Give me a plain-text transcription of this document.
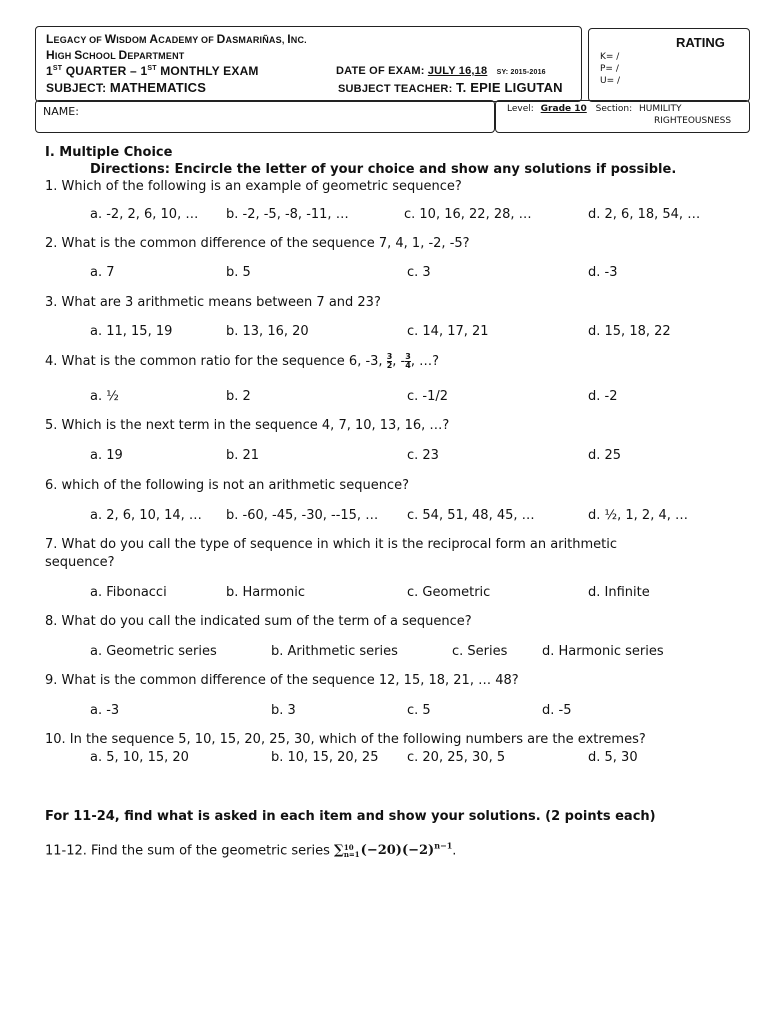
LEGACY OF WISDOM ACADEMY OF DASMARIÑAS, INC.
HIGH SCHOOL DEPARTMENT
1ST QUARTER – 1ST MONTHLY EXAM	DATE OF EXAM: JULY 16,18 SY: 2015-2016
SUBJECT: MATHEMATICS	SUBJECT TEACHER: T. EPIE LIGUTAN
RATING
K= /
P= /
U= /
NAME:	Level: Grade 10 Section: HUMILITY
RIGHTEOUSNESS
I. Multiple Choice
Directions: Encircle the letter of your choice and show any solutions if possible.
1. Which of the following is an example of geometric sequence?
a. -2, 2, 6, 10, … b. -2, -5, -8, -11, …	c. 10, 16, 22, 28, …	d. 2, 6, 18, 54, …
2. What is the common difference of the sequence 7, 4, 1, -2, -5?
a. 7	b. 5	c. 3	d. -3
3. What are 3 arithmetic means between 7 and 23?
a. 11, 15, 19	b. 13, 16, 20	c. 14, 17, 21	d. 15, 18, 22
4. What is the common ratio for the sequence 6, -3, $\frac{3}{2}$ , - $\frac{3}{4}$ , …?
a. ½	b. 2	c. -1/2	d. -2
5. Which is the next term in the sequence 4, 7, 10, 13, 16, …?
a. 19	b. 21	c. 23	d. 25
6. which of the following is not an arithmetic sequence?
a. 2, 6, 10, 14, … b. -60, -45, -30, --15, … c. 54, 51, 48, 45, …	d. ½, 1, 2, 4, …
7. What do you call the type of sequence in which it is the reciprocal form an arithmetic
sequence?
a. Fibonacci	b. Harmonic	c. Geometric	d. Infinite
8. What do you call the indicated sum of the term of a sequence?
a. Geometric series	b. Arithmetic series	c. Series	d. Harmonic series
9. What is the common difference of the sequence 12, 15, 18, 21, … 48?
a. -3	b. 3	c. 5	d. -5
10. In the sequence 5, 10, 15, 20, 25, 30, which of the following numbers are the extremes?
a. 5, 10, 15, 20	b. 10, 15, 20, 25 c. 20, 25, 30, 5	d. 5, 30
For 11-24, find what is asked in each item and show your solutions. (2 points each)
11-12. Find the sum of the geometric series ∑ 10
n=1 $(-20)(-2)^{n-1}$.
